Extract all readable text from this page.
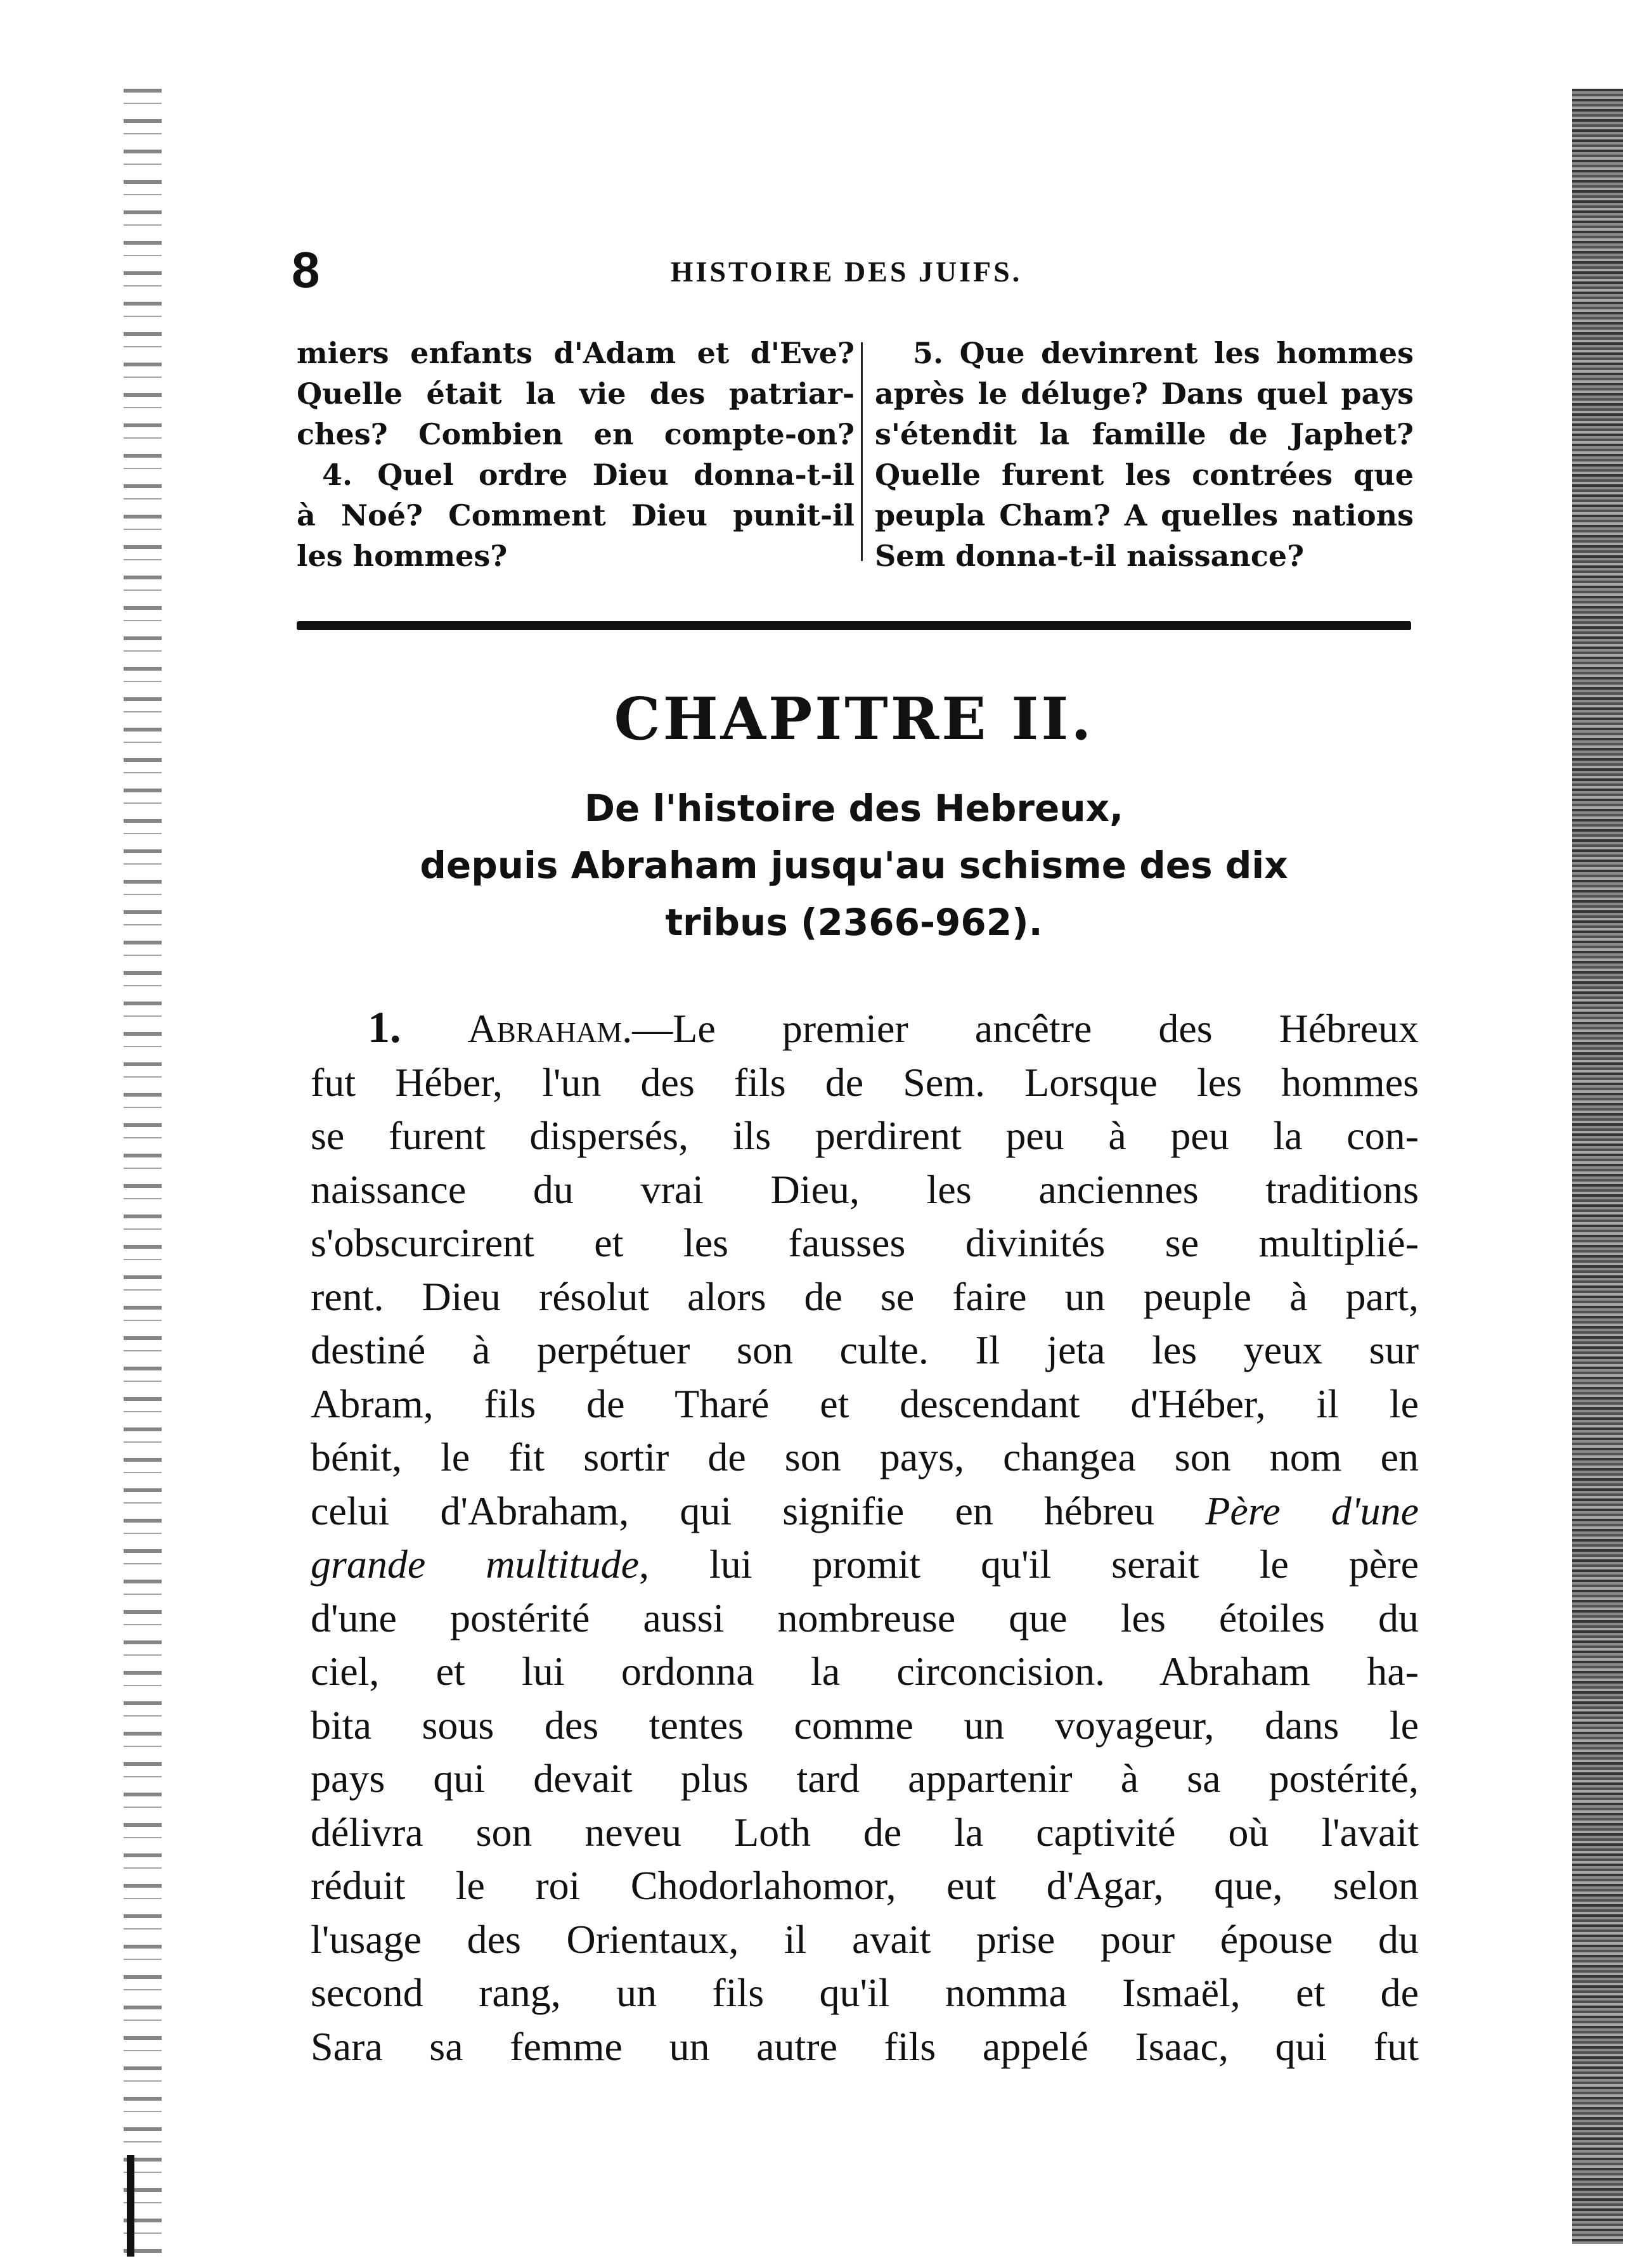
8	HISTOIRE DES JUIFS.
miers enfants d'Adam et d'Eve?
Quelle était la vie des patriar-
ches? Combien en compte-on?
4. Quel ordre Dieu donna-t-il
à Noé? Comment Dieu punit-il
les hommes?
5. Que devinrent les hommes
après le déluge? Dans quel pays
s'étendit la famille de Japhet?
Quelle furent les contrées que
peupla Cham? A quelles nations
Sem donna-t-il naissance?
CHAPITRE II.
De l'histoire des Hebreux,
depuis Abraham jusqu'au schisme des dix
tribus (2366-962).
1. Abraham.—Le premier ancêtre des Hébreux
fut Héber, l'un des fils de Sem. Lorsque les hommes
se furent dispersés, ils perdirent peu à peu la con-
naissance du vrai Dieu, les anciennes traditions
s'obscurcirent et les fausses divinités se multiplié-
rent. Dieu résolut alors de se faire un peuple à part,
destiné à perpétuer son culte. Il jeta les yeux sur
Abram, fils de Tharé et descendant d'Héber, il le
bénit, le fit sortir de son pays, changea son nom en
celui d'Abraham, qui signifie en hébreu Père d'une
grande multitude, lui promit qu'il serait le père
d'une postérité aussi nombreuse que les étoiles du
ciel, et lui ordonna la circoncision. Abraham ha-
bita sous des tentes comme un voyageur, dans le
pays qui devait plus tard appartenir à sa postérité,
délivra son neveu Loth de la captivité où l'avait
réduit le roi Chodorlahomor, eut d'Agar, que, selon
l'usage des Orientaux, il avait prise pour épouse du
second rang, un fils qu'il nomma Ismaël, et de
Sara sa femme un autre fils appelé Isaac, qui fut
